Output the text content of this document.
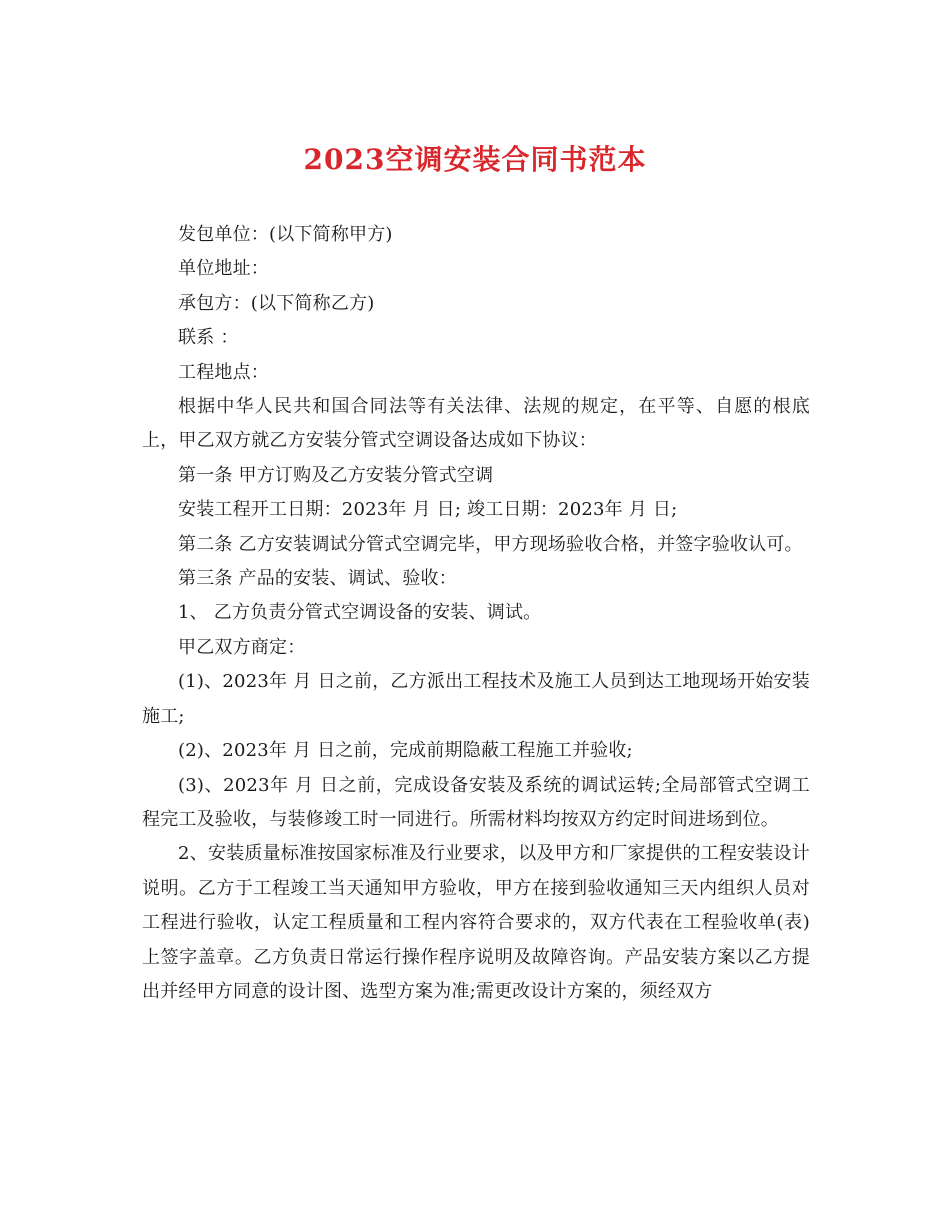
2023空调安装合同书范本

发包单位：(以下简称甲方)

单位地址：

承包方：(以下简称乙方)

联系 ：

工程地点：

根据中华人民共和国合同法等有关法律、法规的规定，在平等、自愿的根底上，甲乙双方就乙方安装分管式空调设备达成如下协议：

第一条 甲方订购及乙方安装分管式空调

安装工程开工日期：2023年 月 日; 竣工日期：2023年 月 日;

第二条 乙方安装调试分管式空调完毕，甲方现场验收合格，并签字验收认可。

第三条 产品的安装、调试、验收：

1、 乙方负责分管式空调设备的安装、调试。

甲乙双方商定：

(1)、2023年 月 日之前，乙方派出工程技术及施工人员到达工地现场开始安装施工;

(2)、2023年 月 日之前，完成前期隐蔽工程施工并验收;

(3)、2023年 月 日之前，完成设备安装及系统的调试运转;全局部管式空调工程完工及验收，与装修竣工时一同进行。所需材料均按双方约定时间进场到位。

2、安装质量标准按国家标准及行业要求，以及甲方和厂家提供的工程安装设计说明。乙方于工程竣工当天通知甲方验收，甲方在接到验收通知三天内组织人员对工程进行验收，认定工程质量和工程内容符合要求的，双方代表在工程验收单(表)上签字盖章。乙方负责日常运行操作程序说明及故障咨询。产品安装方案以乙方提出并经甲方同意的设计图、选型方案为准;需更改设计方案的，须经双方
